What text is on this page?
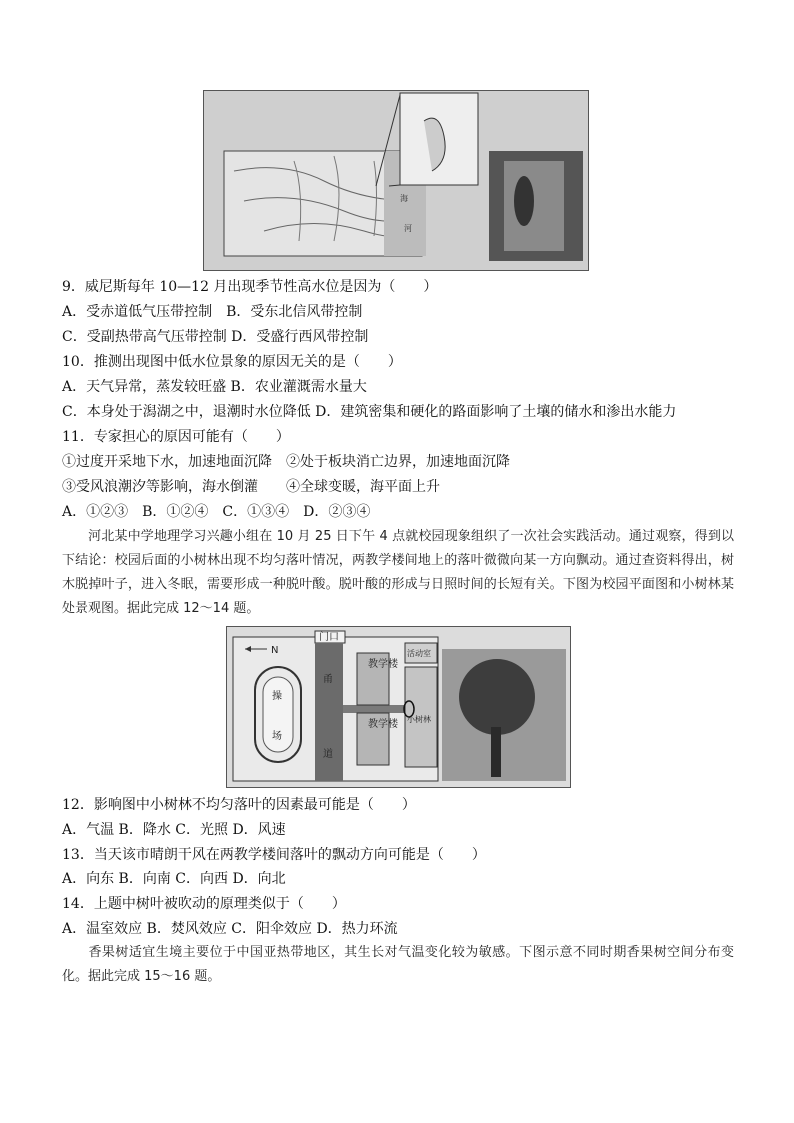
海
河
9．威尼斯每年 10—12 月出现季节性高水位是因为（　　）
A．受赤道低气压带控制　B．受东北信风带控制
C．受副热带高气压带控制 D．受盛行西风带控制
10．推测出现图中低水位景象的原因无关的是（　　）
A．天气异常，蒸发较旺盛 B．农业灌溉需水量大
C．本身处于潟湖之中，退潮时水位降低 D．建筑密集和硬化的路面影响了土壤的储水和渗出水能力
11．专家担心的原因可能有（　　）
①过度开采地下水，加速地面沉降　②处于板块消亡边界，加速地面沉降
③受风浪潮汐等影响，海水倒灌　　④全球变暖，海平面上升
A．①②③　B．①②④　C．①③④　D．②③④
河北某中学地理学习兴趣小组在 10 月 25 日下午 4 点就校园现象组织了一次社会实践活动。通过观察，得到以下结论：校园后面的小树林出现不均匀落叶情况，两教学楼间地上的落叶微微向某一方向飘动。通过查资料得出，树木脱掉叶子，进入冬眠，需要形成一种脱叶酸。脱叶酸的形成与日照时间的长短有关。下图为校园平面图和小树林某处景观图。据此完成 12～14 题。
门口
N
操
场
甬
道
教学楼
教学楼
活动室
小树林
12．影响图中小树林不均匀落叶的因素最可能是（　　）
A．气温 B．降水 C．光照 D．风速
13．当天该市晴朗干风在两教学楼间落叶的飘动方向可能是（　　）
A．向东 B．向南 C．向西 D．向北
14．上题中树叶被吹动的原理类似于（　　）
A．温室效应 B．焚风效应 C．阳伞效应 D．热力环流
香果树适宜生境主要位于中国亚热带地区，其生长对气温变化较为敏感。下图示意不同时期香果树空间分布变化。据此完成 15～16 题。
